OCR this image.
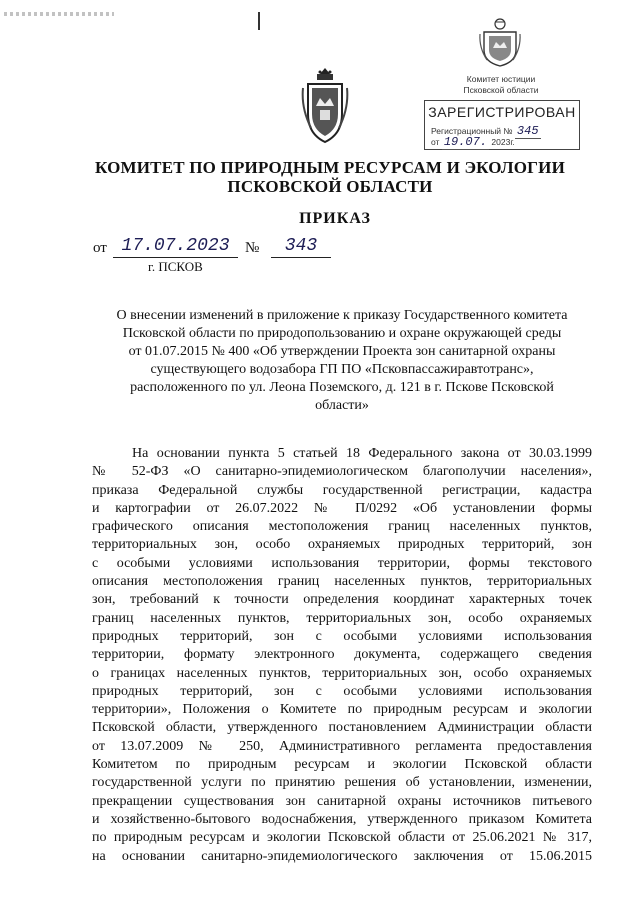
Комитет юстиции
Псковской области
ЗАРЕГИСТРИРОВАН
Регистрационный № 345
от 19.07. 2023г.
КОМИТЕТ ПО ПРИРОДНЫМ РЕСУРСАМ И ЭКОЛОГИИ
ПСКОВСКОЙ ОБЛАСТИ
ПРИКАЗ
от 17.07.2023	№	343
г. ПСКОВ
О внесении изменений в приложение к приказу Государственного комитета
Псковской области по природопользованию и охране окружающей среды
от 01.07.2015 № 400 «Об утверждении Проекта зон санитарной охраны
существующего водозабора ГП ПО «Псковпассажиравтотранс»,
расположенного по ул. Леона Поземского, д. 121 в г. Пскове Псковской
области»
На основании пункта 5 статьей 18 Федерального закона от 30.03.1999
№ 52-ФЗ «О санитарно-эпидемиологическом благополучии населения»,
приказа Федеральной службы государственной регистрации, кадастра
и картографии от 26.07.2022 № П/0292 «Об установлении формы
графического описания местоположения границ населенных пунктов,
территориальных зон, особо охраняемых природных территорий, зон
с особыми условиями использования территории, формы текстового
описания местоположения границ населенных пунктов, территориальных
зон, требований к точности определения координат характерных точек
границ населенных пунктов, территориальных зон, особо охраняемых
природных территорий, зон с особыми условиями использования
территории, формату электронного документа, содержащего сведения
о границах населенных пунктов, территориальных зон, особо охраняемых
природных территорий, зон с особыми условиями использования
территории», Положения о Комитете по природным ресурсам и экологии
Псковской области, утвержденного постановлением Администрации области
от 13.07.2009 № 250, Административного регламента предоставления
Комитетом по природным ресурсам и экологии Псковской области
государственной услуги по принятию решения об установлении, изменении,
прекращении существования зон санитарной охраны источников питьевого
и хозяйственно-бытового водоснабжения, утвержденного приказом Комитета
по природным ресурсам и экологии Псковской области от 25.06.2021 № 317,
на основании санитарно-эпидемиологического заключения от 15.06.2015
